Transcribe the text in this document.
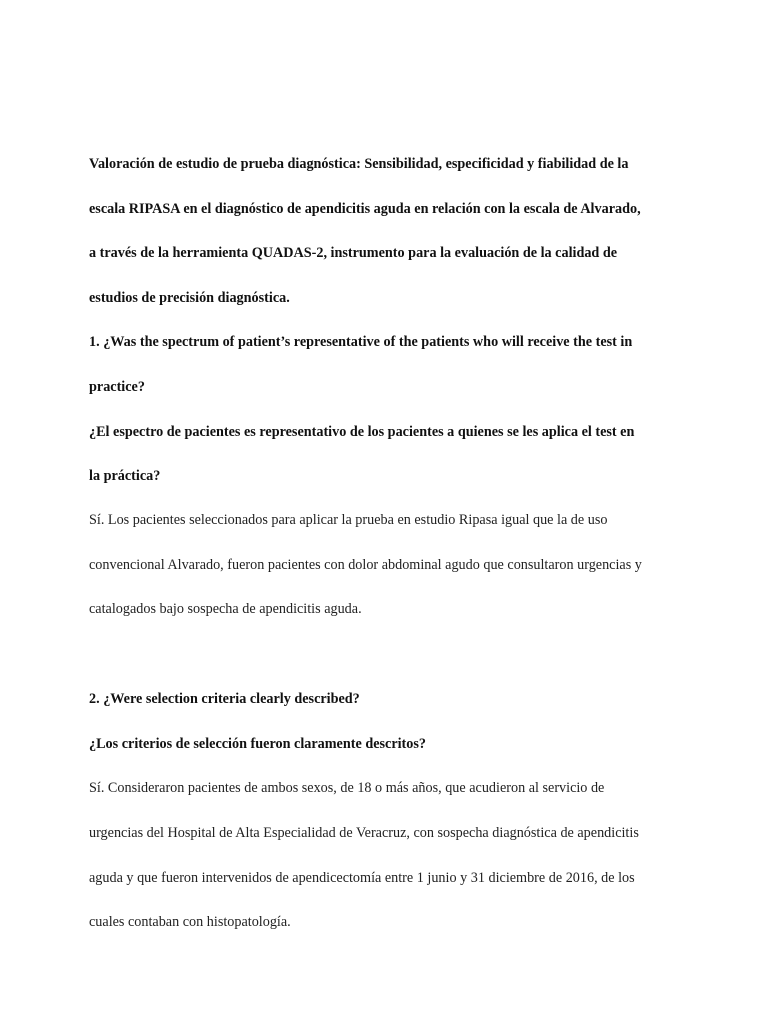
Valoración de estudio de prueba diagnóstica: Sensibilidad, especificidad y fiabilidad de la
escala RIPASA en el diagnóstico de apendicitis aguda en relación con la escala de Alvarado,
a través de la herramienta QUADAS-2, instrumento para la evaluación de la calidad de
estudios de precisión diagnóstica.
1. ¿Was the spectrum of patient’s representative of the patients who will receive the test in
practice?
¿El espectro de pacientes es representativo de los pacientes a quienes se les aplica el test en
la práctica?
Sí. Los pacientes seleccionados para aplicar la prueba en estudio Ripasa igual que la de uso
convencional Alvarado, fueron pacientes con dolor abdominal agudo que consultaron urgencias y
catalogados bajo sospecha de apendicitis aguda.
2. ¿Were selection criteria clearly described?
¿Los criterios de selección fueron claramente descritos?
Sí. Consideraron pacientes de ambos sexos, de 18 o más años, que acudieron al servicio de
urgencias del Hospital de Alta Especialidad de Veracruz, con sospecha diagnóstica de apendicitis
aguda y que fueron intervenidos de apendicectomía entre 1 junio y 31 diciembre de 2016, de los
cuales contaban con histopatología.
